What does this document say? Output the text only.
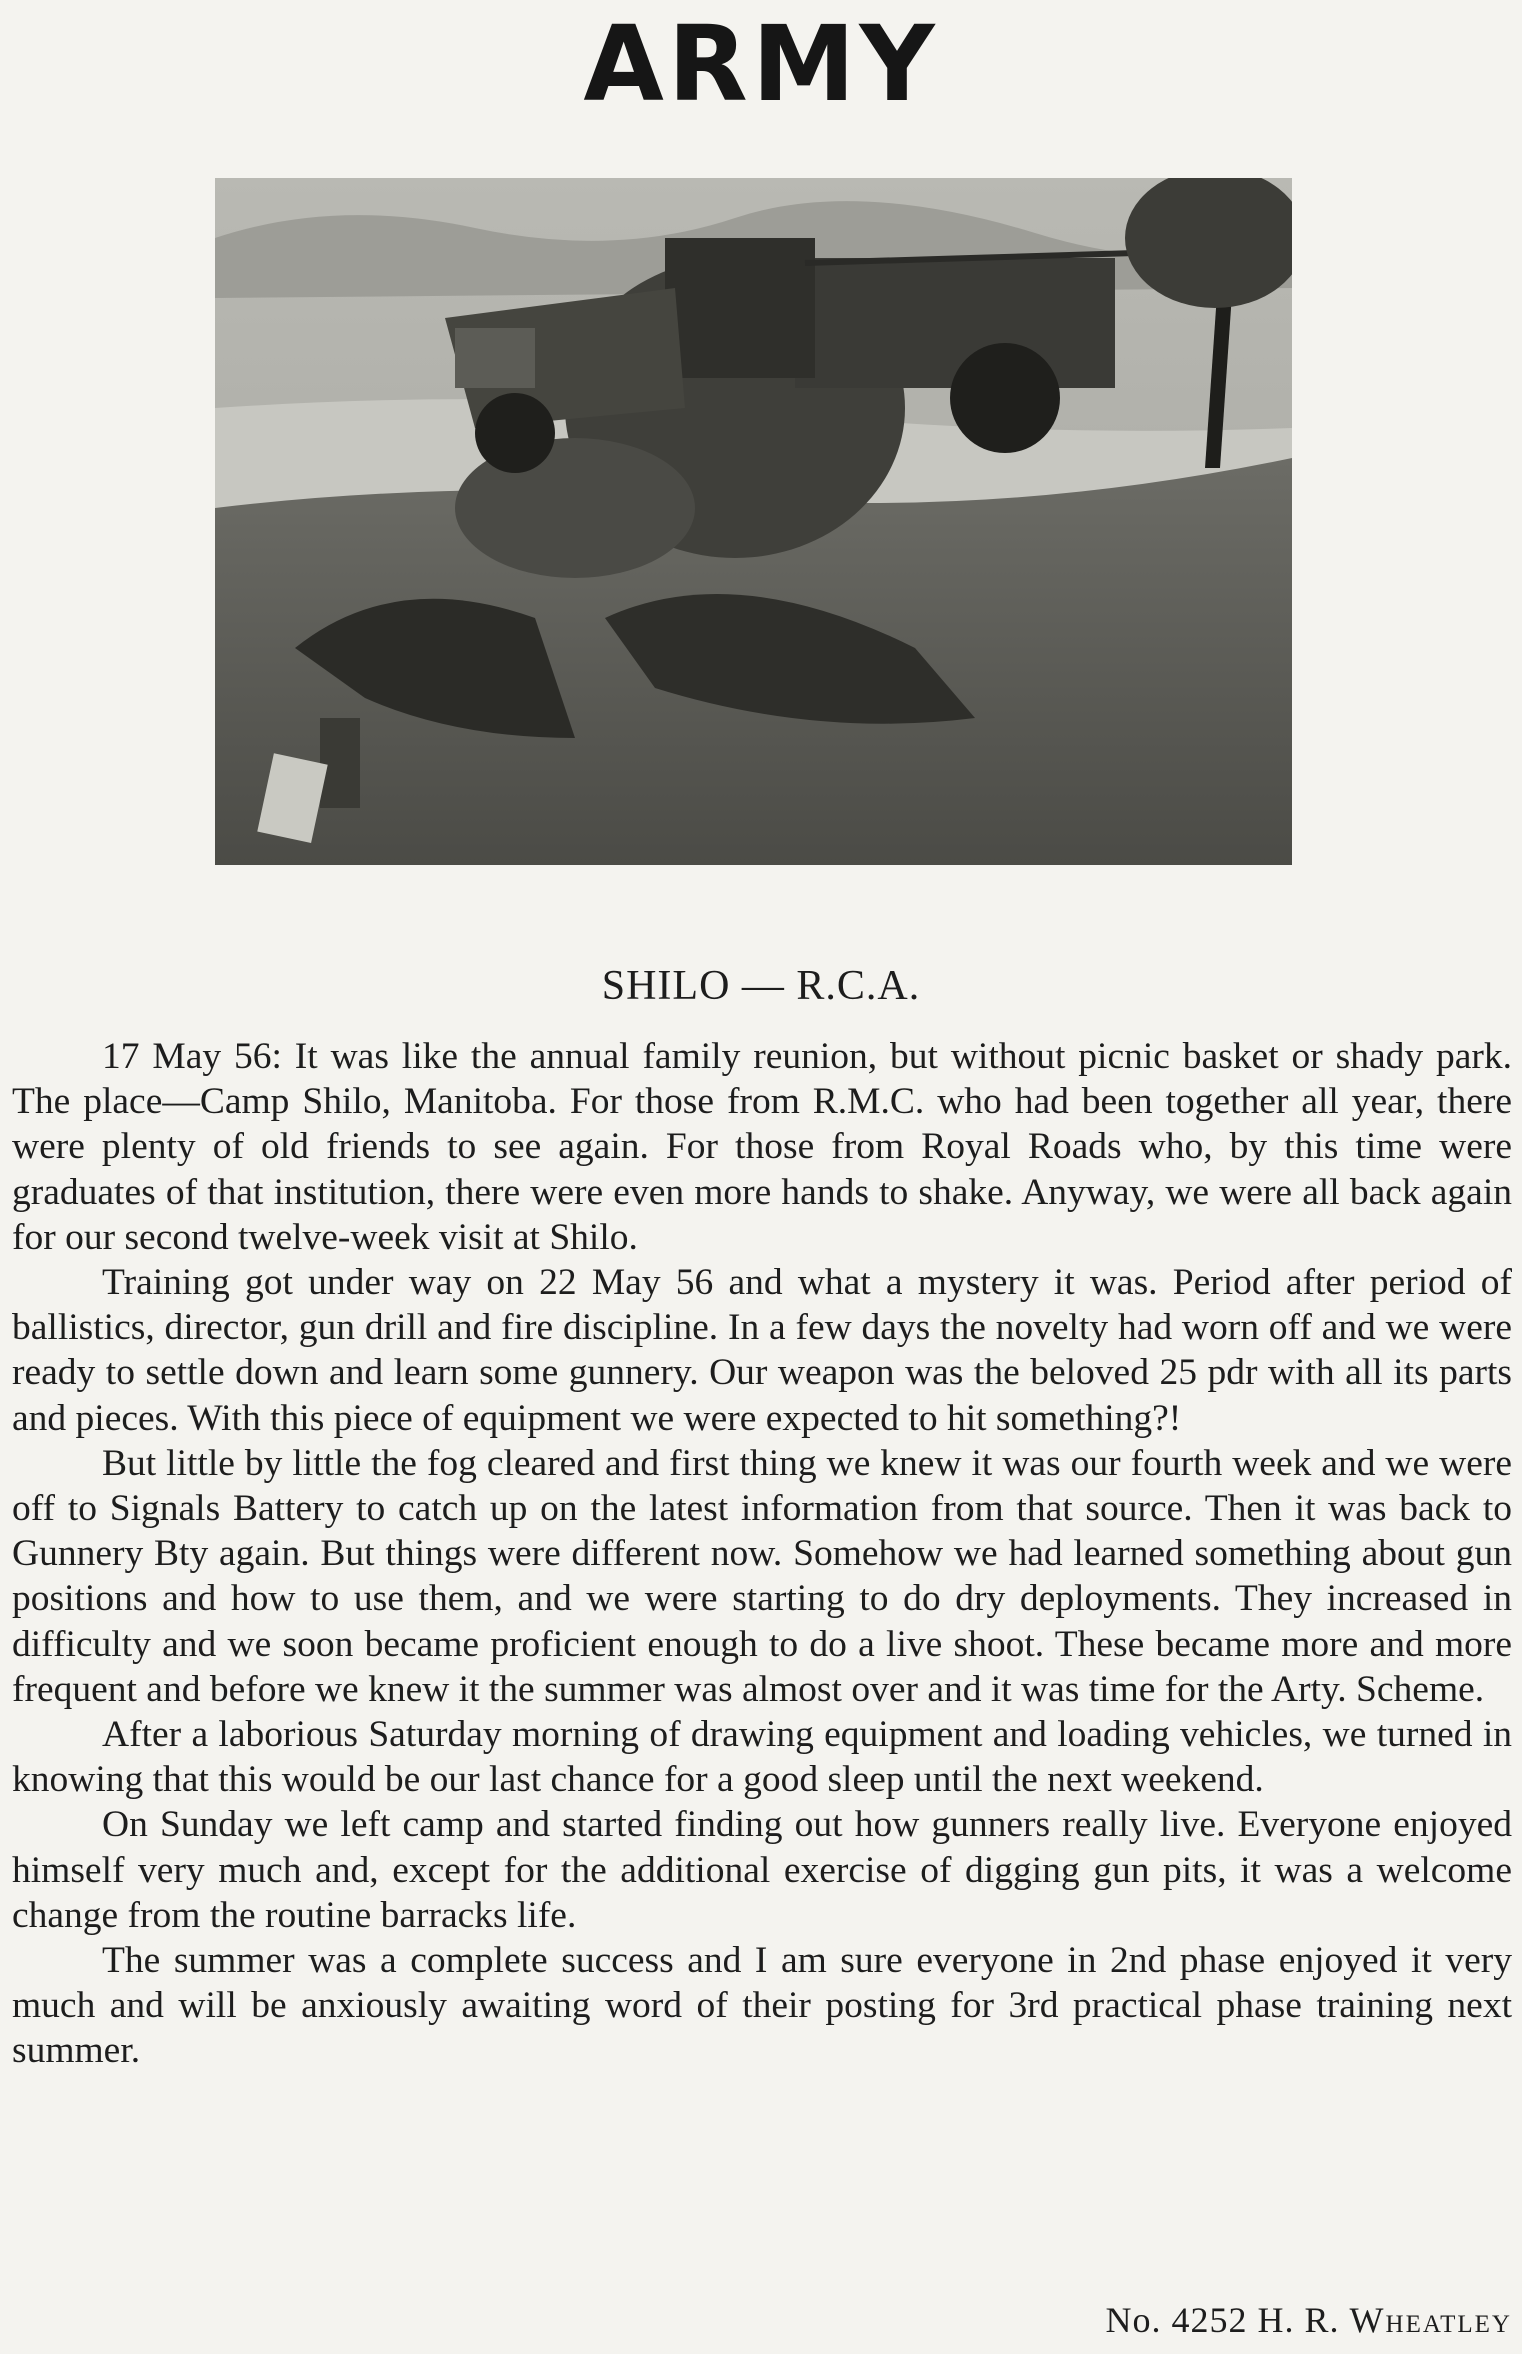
ARMY
SHILO — R.C.A.

17 May 56: It was like the annual family reunion, but without picnic basket or shady park. The place—Camp Shilo, Manitoba. For those from R.M.C. who had been together all year, there were plenty of old friends to see again. For those from Royal Roads who, by this time were graduates of that institution, there were even more hands to shake. Anyway, we were all back again for our second twelve-week visit at Shilo.

Training got under way on 22 May 56 and what a mystery it was. Period after period of ballistics, director, gun drill and fire discipline. In a few days the novelty had worn off and we were ready to settle down and learn some gunnery. Our weapon was the beloved 25 pdr with all its parts and pieces. With this piece of equipment we were expected to hit something?!

But little by little the fog cleared and first thing we knew it was our fourth week and we were off to Signals Battery to catch up on the latest information from that source. Then it was back to Gunnery Bty again. But things were different now. Somehow we had learned something about gun positions and how to use them, and we were starting to do dry deployments. They increased in difficulty and we soon became proficient enough to do a live shoot. These became more and more frequent and before we knew it the summer was almost over and it was time for the Arty. Scheme.

After a laborious Saturday morning of drawing equipment and loading vehicles, we turned in knowing that this would be our last chance for a good sleep until the next weekend.

On Sunday we left camp and started finding out how gunners really live. Everyone enjoyed himself very much and, except for the additional exercise of digging gun pits, it was a welcome change from the routine barracks life.

The summer was a complete success and I am sure everyone in 2nd phase enjoyed it very much and will be anxiously awaiting word of their posting for 3rd practical phase training next summer.

No. 4252 H. R. Wheatley
